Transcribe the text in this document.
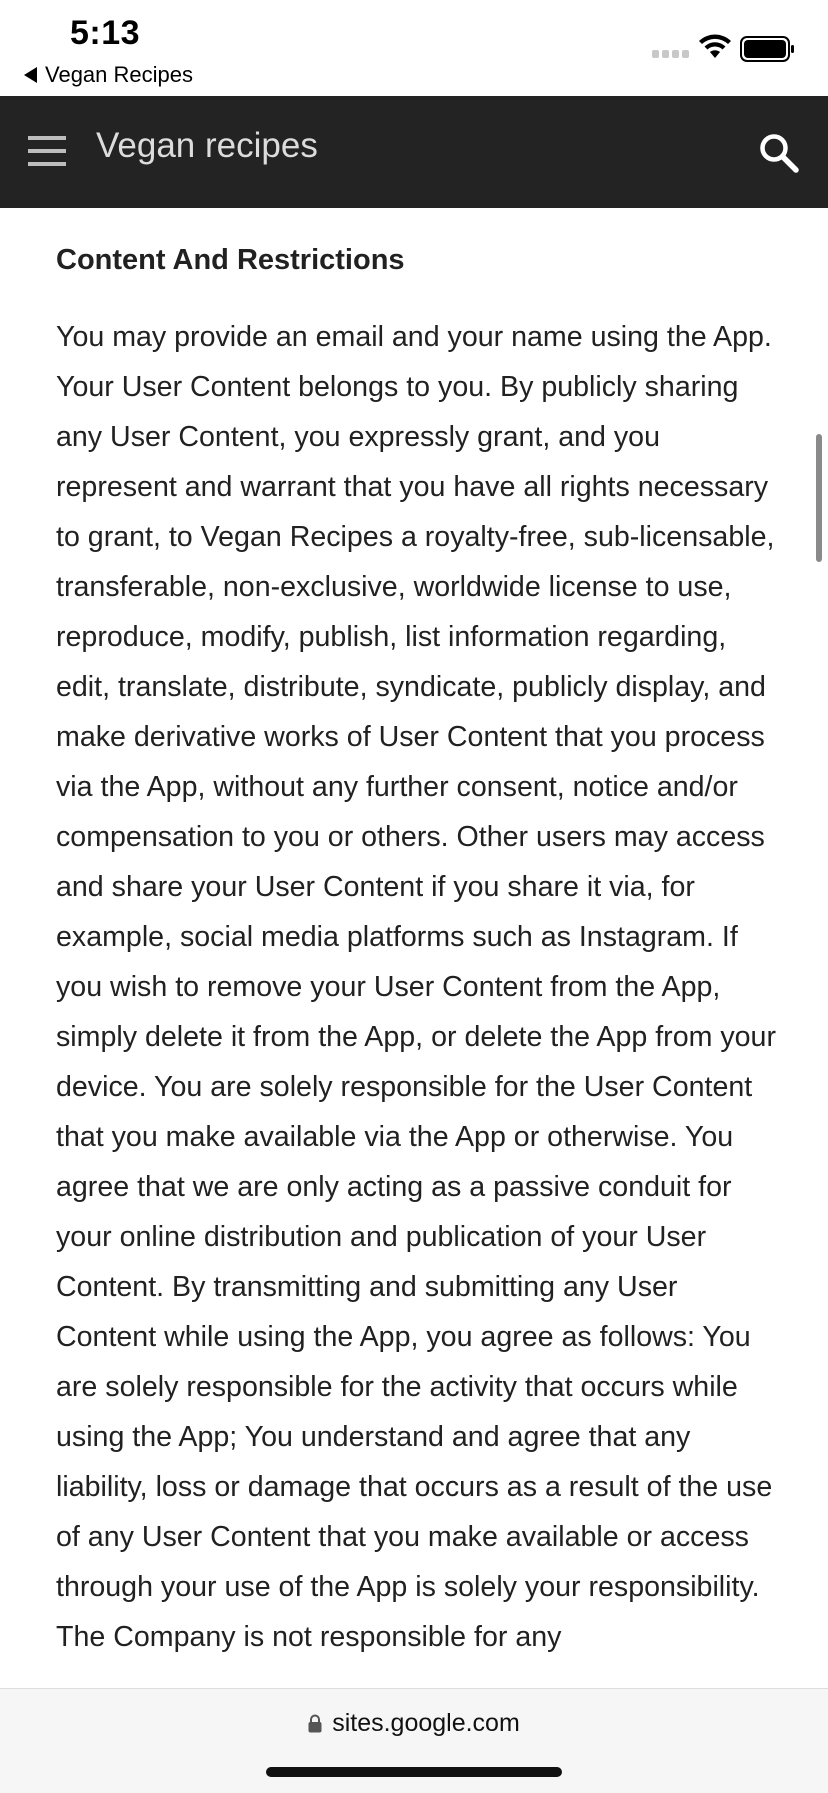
5:13
Vegan Recipes
Vegan recipes
Content And Restrictions

You may provide an email and your name using the App. Your User Content belongs to you. By publicly sharing any User Content, you expressly grant, and you represent and warrant that you have all rights necessary to grant, to Vegan Recipes a royalty-free, sub-licensable, transferable, non-exclusive, worldwide license to use, reproduce, modify, publish, list information regarding, edit, translate, distribute, syndicate, publicly display, and make derivative works of User Content that you process via the App, without any further consent, notice and/or compensation to you or others. Other users may access and share your User Content if you share it via, for example, social media platforms such as Instagram. If you wish to remove your User Content from the App, simply delete it from the App, or delete the App from your device. You are solely responsible for the User Content that you make available via the App or otherwise. You agree that we are only acting as a passive conduit for your online distribution and publication of your User Content. By transmitting and submitting any User Content while using the App, you agree as follows: You are solely responsible for the activity that occurs while using the App; You understand and agree that any liability, loss or damage that occurs as a result of the use of any User Content that you make available or access through your use of the App is solely your responsibility. The Company is not responsible for any

sites.google.com
